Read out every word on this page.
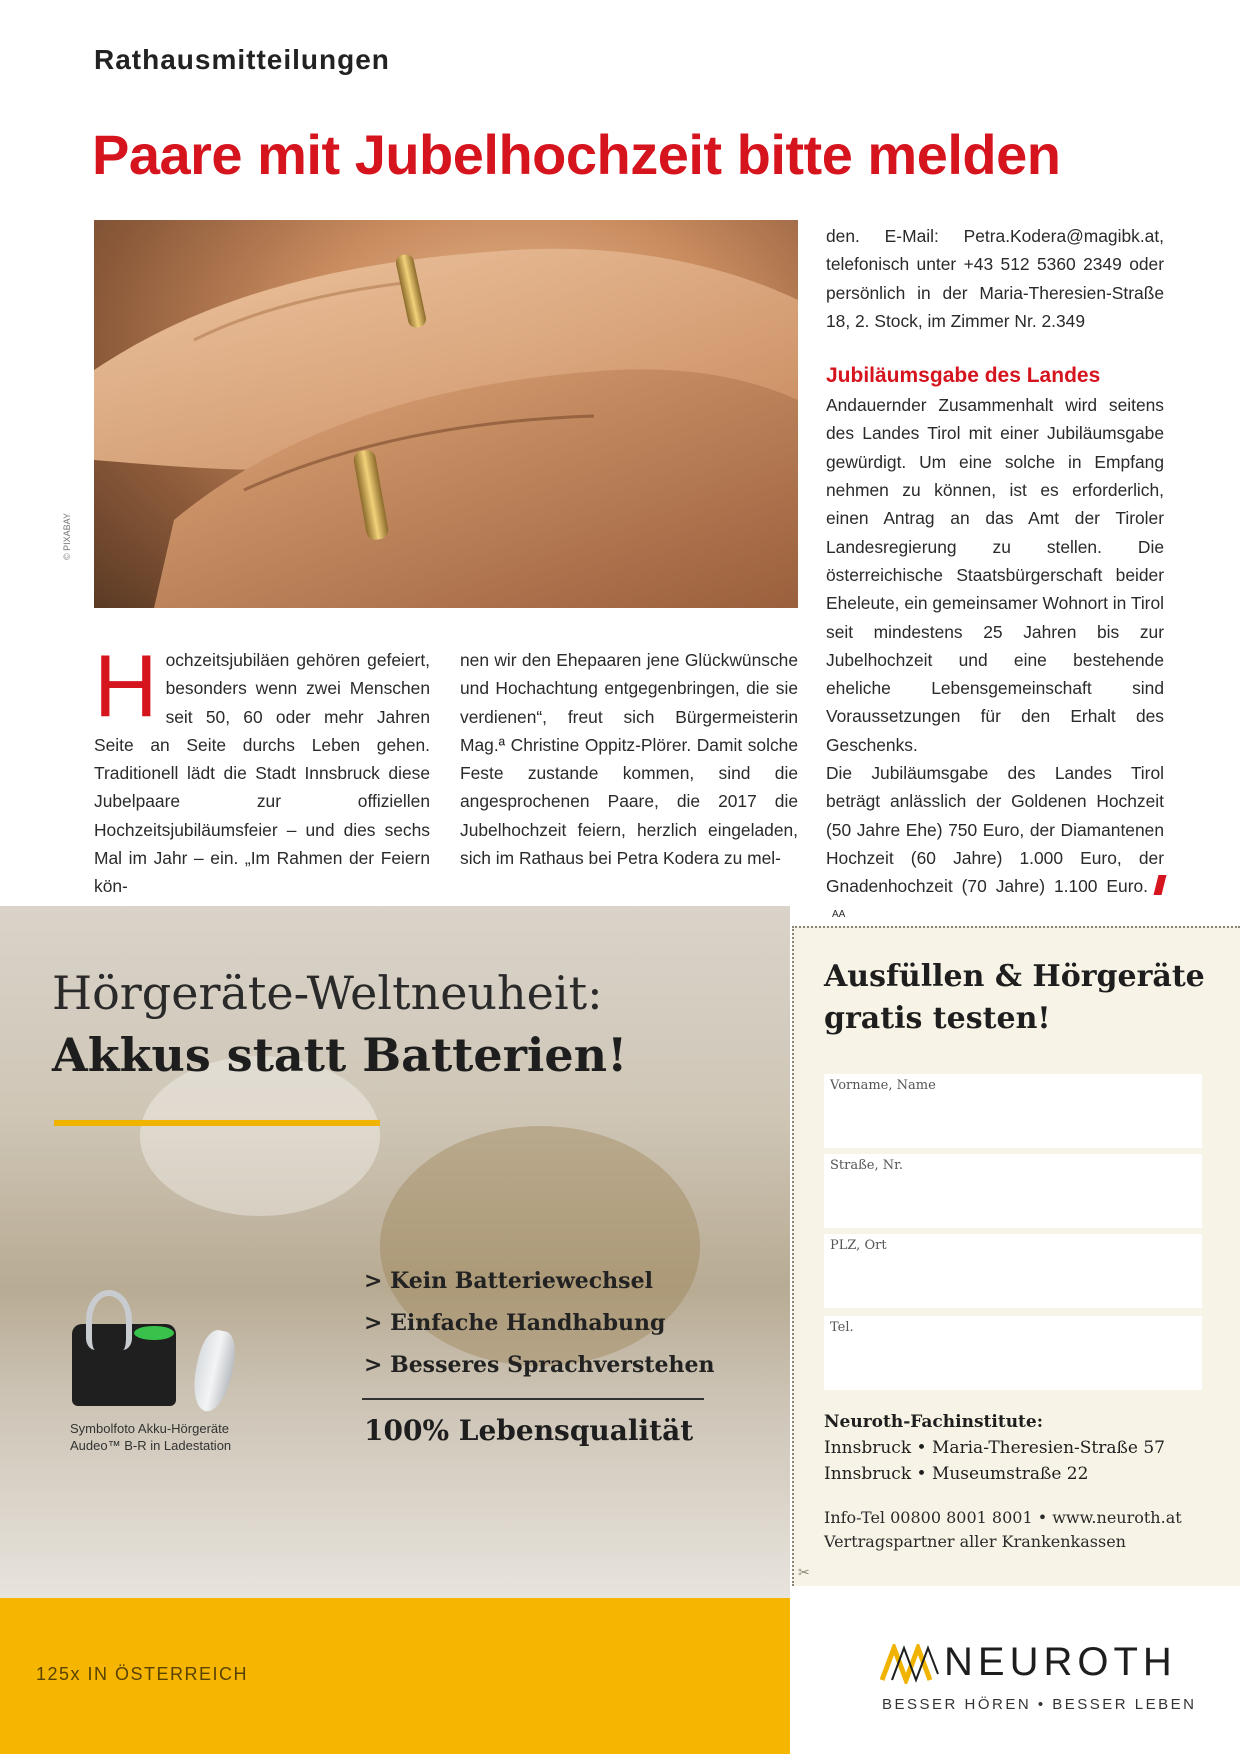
Rathausmitteilungen
Paare mit Jubelhochzeit bitte melden
© PIXABAY
Hochzeitsjubiläen gehören gefeiert, besonders wenn zwei Menschen seit 50, 60 oder mehr Jahren Seite an Seite durchs Leben gehen. Traditionell lädt die Stadt Innsbruck diese Jubelpaare zur offiziellen Hochzeitsjubiläumsfeier – und dies sechs Mal im Jahr – ein. „Im Rahmen der Feiern kön-
nen wir den Ehepaaren jene Glückwünsche und Hochachtung entgegenbringen, die sie verdienen“, freut sich Bürgermeisterin Mag.ª Christine Oppitz-Plörer. Damit solche Feste zustande kommen, sind die angesprochenen Paare, die 2017 die Jubelhochzeit feiern, herzlich eingeladen, sich im Rathaus bei Petra Kodera zu mel-
den. E-Mail: Petra.Kodera@magibk.at, telefonisch unter +43 512 5360 2349 oder persönlich in der Maria-Theresien-Straße 18, 2. Stock, im Zimmer Nr. 2.349
Jubiläumsgabe des Landes
Andauernder Zusammenhalt wird seitens des Landes Tirol mit einer Jubiläumsgabe gewürdigt. Um eine solche in Empfang nehmen zu können, ist es erforderlich, einen Antrag an das Amt der Tiroler Landesregierung zu stellen. Die österreichische Staatsbürgerschaft beider Eheleute, ein gemeinsamer Wohnort in Tirol seit mindestens 25 Jahren bis zur Jubelhochzeit und eine bestehende eheliche Lebensgemeinschaft sind Voraussetzungen für den Erhalt des Geschenks.
Die Jubiläumsgabe des Landes Tirol beträgt anlässlich der Goldenen Hochzeit (50 Jahre Ehe) 750 Euro, der Diamantenen Hochzeit (60 Jahre) 1.000 Euro, der Gnadenhochzeit (70 Jahre) 1.100 Euro.$^{AA}$
Hörgeräte-Weltneuheit:
Akkus statt Batterien!
Symbolfoto Akku-Hörgeräte
Audeo™ B-R in Ladestation
> Kein Batteriewechsel
> Einfache Handhabung
> Besseres Sprachverstehen
100% Lebensqualität
Ausfüllen & Hörgeräte
gratis testen!
Vorname, Name
Straße, Nr.
PLZ, Ort
Tel.
Neuroth-Fachinstitute:
Innsbruck • Maria-Theresien-Straße 57
Innsbruck • Museumstraße 22
Info-Tel 00800 8001 8001 • www.neuroth.at
Vertragspartner aller Krankenkassen
✂
125x IN ÖSTERREICH	NEUROTH
BESSER HÖREN • BESSER LEBEN
